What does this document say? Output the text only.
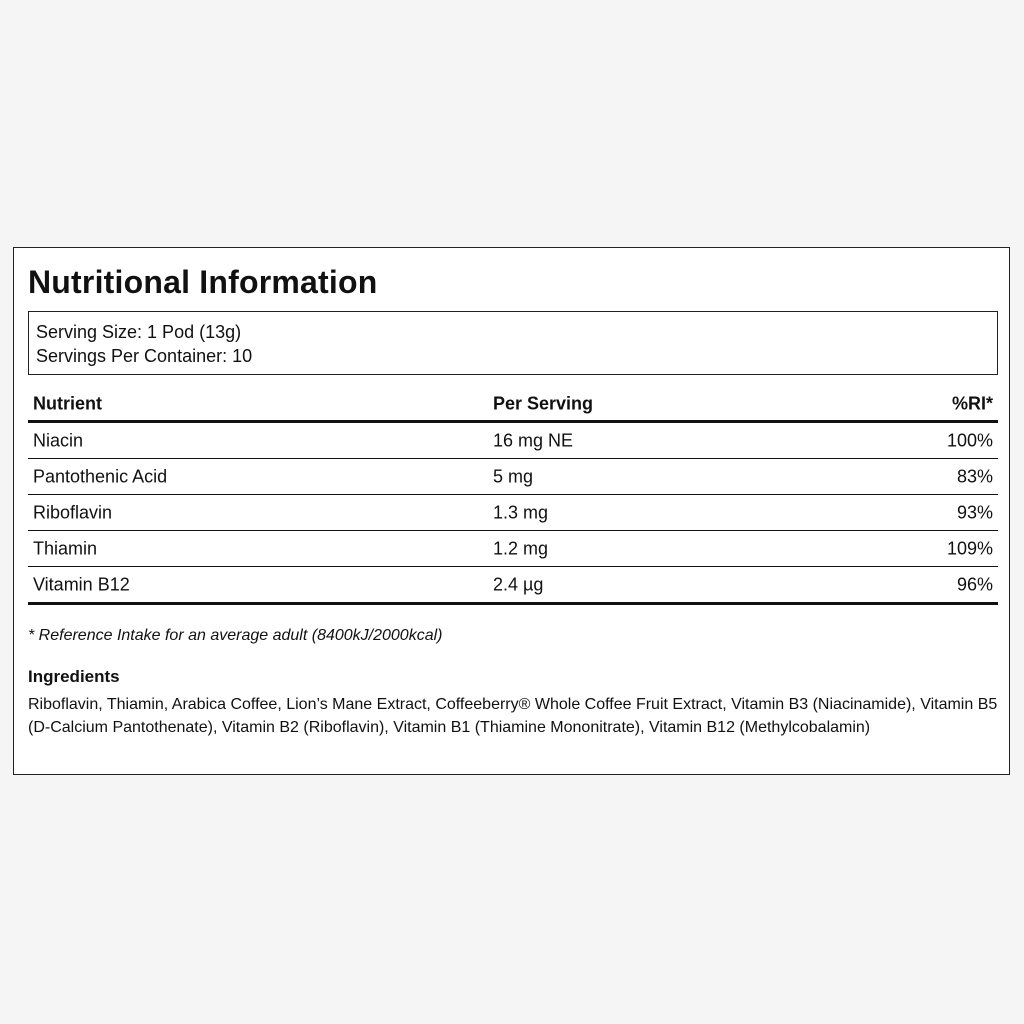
Nutritional Information
Serving Size: 1 Pod (13g)
Servings Per Container: 10
Nutrient	Per Serving	%RI*
Niacin	16 mg NE	100%
Pantothenic Acid	5 mg	83%
Riboflavin	1.3 mg	93%
Thiamin	1.2 mg	109%
Vitamin B12	2.4 µg	96%
* Reference Intake for an average adult (8400kJ/2000kcal)
Ingredients

Riboflavin, Thiamin, Arabica Coffee, Lion’s Mane Extract, Coffeeberry® Whole Coffee Fruit Extract, Vitamin B3 (Niacinamide), Vitamin B5 (D-Calcium Pantothenate), Vitamin B2 (Riboflavin), Vitamin B1 (Thiamine Mononitrate), Vitamin B12 (Methylcobalamin)
